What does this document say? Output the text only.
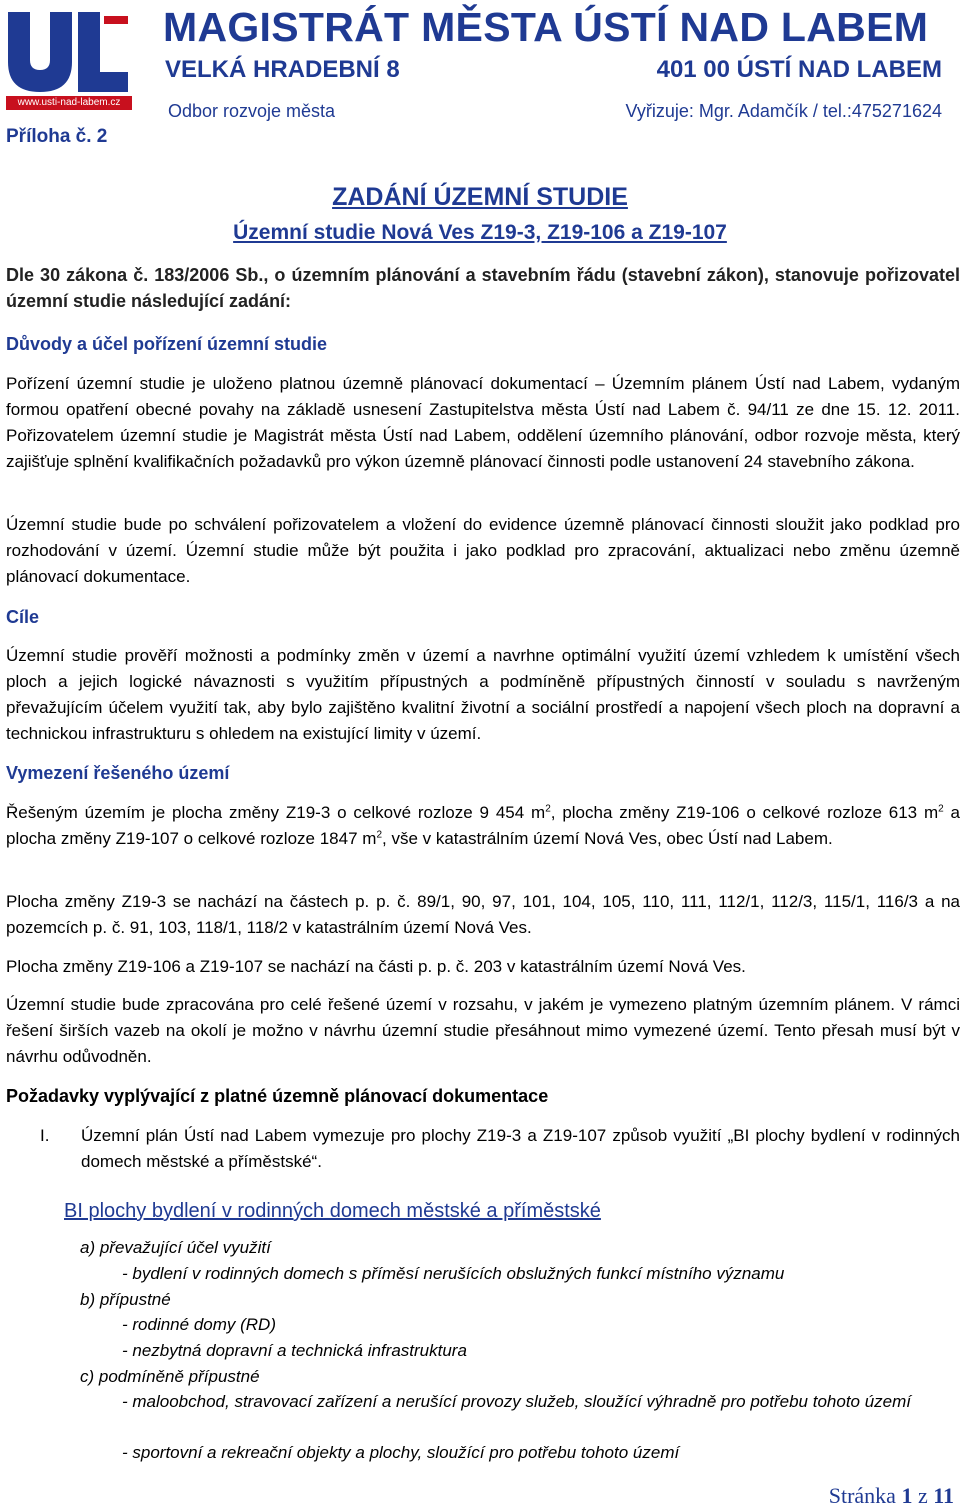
www.usti-nad-labem.cz
Příloha č. 2
MAGISTRÁT MĚSTA ÚSTÍ NAD LABEM
VELKÁ HRADEBNÍ 8	401 00 ÚSTÍ NAD LABEM
Odbor rozvoje města	Vyřizuje: Mgr. Adamčík / tel.:475271624
ZADÁNÍ ÚZEMNÍ STUDIE
Územní studie Nová Ves Z19-3, Z19-106 a Z19-107

Dle 30 zákona č. 183/2006 Sb., o územním plánování a stavebním řádu (stavební zákon), stanovuje pořizovatel územní studie následující zadání:

Důvody a účel pořízení územní studie

Pořízení územní studie je uloženo platnou územně plánovací dokumentací – Územním plánem Ústí nad Labem, vydaným formou opatření obecné povahy na základě usnesení Zastupitelstva města Ústí nad Labem č. 94/11 ze dne 15. 12. 2011. Pořizovatelem územní studie je Magistrát města Ústí nad Labem, oddělení územního plánování, odbor rozvoje města, který zajišťuje splnění kvalifikačních požadavků pro výkon územně plánovací činnosti podle ustanovení 24 stavebního zákona.

Územní studie bude po schválení pořizovatelem a vložení do evidence územně plánovací činnosti sloužit jako podklad pro rozhodování v území. Územní studie může být použita i jako podklad pro zpracování, aktualizaci nebo změnu územně plánovací dokumentace.

Cíle

Územní studie prověří možnosti a podmínky změn v území a navrhne optimální využití území vzhledem k umístění všech ploch a jejich logické návaznosti s využitím přípustných a podmíněně přípustných činností v souladu s navrženým převažujícím účelem využití tak, aby bylo zajištěno kvalitní životní a sociální prostředí a napojení všech ploch na dopravní a technickou infrastrukturu s ohledem na existující limity v území.

Vymezení řešeného území

Řešeným územím je plocha změny Z19-3 o celkové rozloze 9 454 $m^2$, plocha změny Z19-106 o celkové rozloze 613 $m^2$ a plocha změny Z19-107 o celkové rozloze 1847 $m^2$, vše v katastrálním území Nová Ves, obec Ústí nad Labem.

Plocha změny Z19-3 se nachází na částech p. p. č. 89/1, 90, 97, 101, 104, 105, 110, 111, 112/1, 112/3, 115/1, 116/3 a na pozemcích p. č. 91, 103, 118/1, 118/2 v katastrálním území Nová Ves.

Plocha změny Z19-106 a Z19-107 se nachází na části p. p. č. 203 v katastrálním území Nová Ves.

Územní studie bude zpracována pro celé řešené území v rozsahu, v jakém je vymezeno platným územním plánem. V rámci řešení širších vazeb na okolí je možno v návrhu územní studie přesáhnout mimo vymezené území. Tento přesah musí být v návrhu odůvodněn.

Požadavky vyplývající z platné územně plánovací dokumentace
I. Územní plán Ústí nad Labem vymezuje pro plochy Z19-3 a Z19-107 způsob využití „BI plochy bydlení v rodinných domech městské a příměstské“.

BI plochy bydlení v rodinných domech městské a příměstské
a) převažující účel využití
- bydlení v rodinných domech s příměsí nerušících obslužných funkcí místního významu
b) přípustné
- rodinné domy (RD)
- nezbytná dopravní a technická infrastruktura
c) podmíněně přípustné
- maloobchod, stravovací zařízení a nerušící provozy služeb, sloužící výhradně pro potřebu tohoto území
- sportovní a rekreační objekty a plochy, sloužící pro potřebu tohoto území
Stránka 1 z 11
